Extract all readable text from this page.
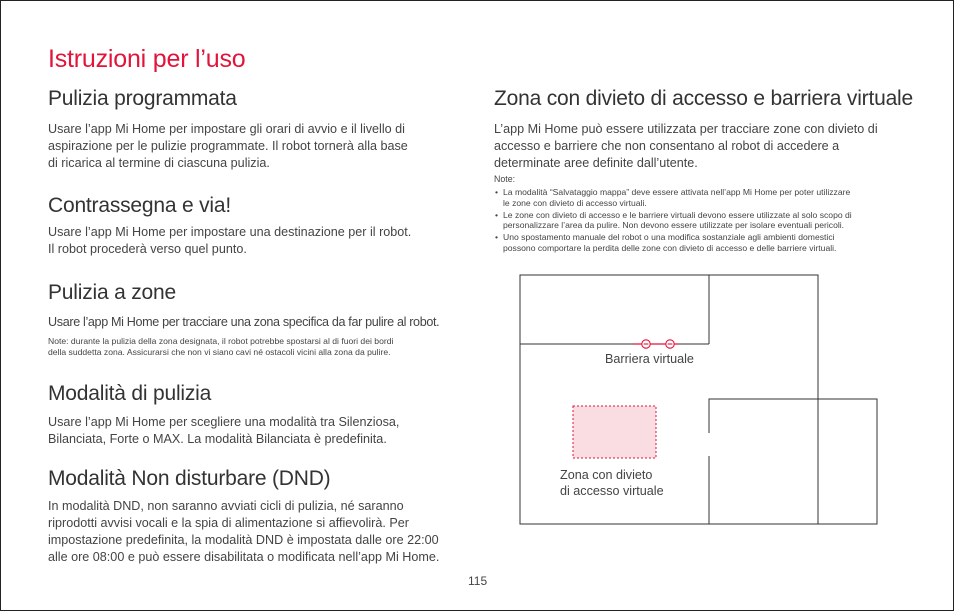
Istruzioni per l’uso
Pulizia programmata

Usare l’app Mi Home per impostare gli orari di avvio e il livello di
aspirazione per le pulizie programmate. Il robot tornerà alla base
di ricarica al termine di ciascuna pulizia.

Contrassegna e via!

Usare l’app Mi Home per impostare una destinazione per il robot.
Il robot procederà verso quel punto.

Pulizia a zone

Usare l’app Mi Home per tracciare una zona specifica da far pulire al robot.

Note: durante la pulizia della zona designata, il robot potrebbe spostarsi al di fuori dei bordi
della suddetta zona. Assicurarsi che non vi siano cavi né ostacoli vicini alla zona da pulire.

Modalità di pulizia

Usare l’app Mi Home per scegliere una modalità tra Silenziosa,
Bilanciata, Forte o MAX. La modalità Bilanciata è predefinita.

Modalità Non disturbare (DND)

In modalità DND, non saranno avviati cicli di pulizia, né saranno
riprodotti avvisi vocali e la spia di alimentazione si affievolirà. Per
impostazione predefinita, la modalità DND è impostata dalle ore 22:00
alle ore 08:00 e può essere disabilitata o modificata nell’app Mi Home.

Zona con divieto di accesso e barriera virtuale

L’app Mi Home può essere utilizzata per tracciare zone con divieto di
accesso e barriere che non consentano al robot di accedere a
determinate aree definite dall’utente.

Note:
• La modalità “Salvataggio mappa” deve essere attivata nell’app Mi Home per poter utilizzare
le zone con divieto di accesso virtuali.
• Le zone con divieto di accesso e le barriere virtuali devono essere utilizzate al solo scopo di
personalizzare l’area da pulire. Non devono essere utilizzate per isolare eventuali pericoli.
• Uno spostamento manuale del robot o una modifica sostanziale agli ambienti domestici
possono comportare la perdita delle zone con divieto di accesso e delle barriere virtuali.
Barriera virtuale
Zona con divieto
di accesso virtuale
115
